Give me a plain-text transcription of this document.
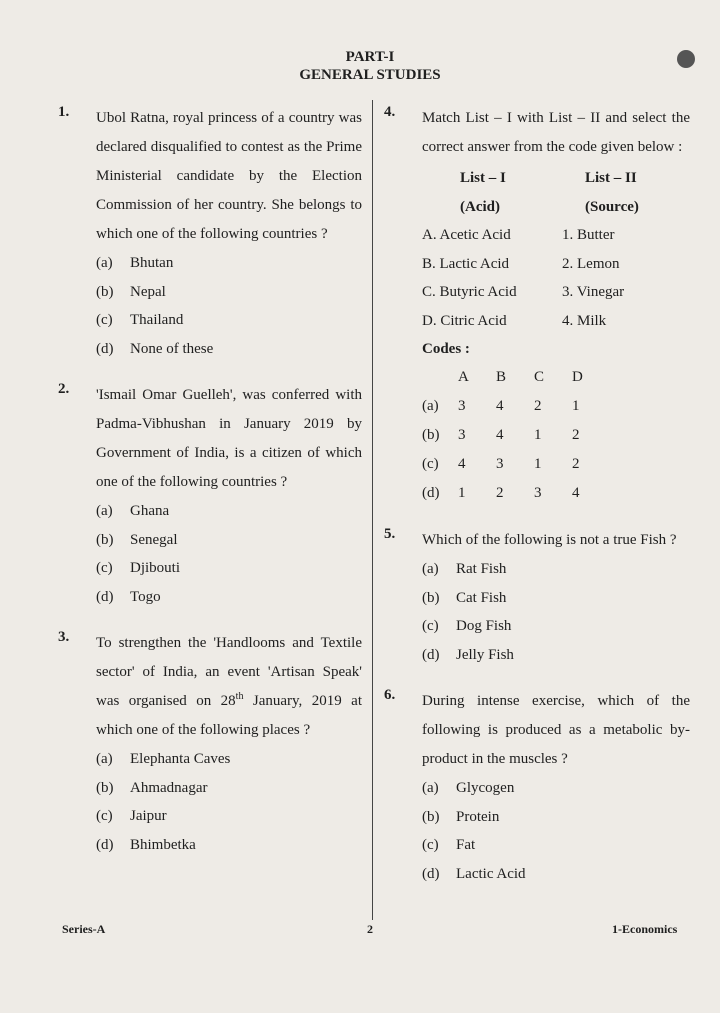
PART-I
GENERAL STUDIES
1. Ubol Ratna, royal princess of a country was declared disqualified to contest as the Prime Ministerial candidate by the Election Commission of her country. She belongs to which one of the following countries ?
(a)	Bhutan
(b)	Nepal
(c)	Thailand
(d)	None of these
2. 'Ismail Omar Guelleh', was conferred with Padma-Vibhushan in January 2019 by Government of India, is a citizen of which one of the following countries ?
(a)	Ghana
(b)	Senegal
(c)	Djibouti
(d)	Togo
3. To strengthen the 'Handlooms and Textile sector' of India, an event 'Artisan Speak' was organised on 28th January, 2019 at which one of the following places ?
(a)	Elephanta Caves
(b)	Ahmadnagar
(c)	Jaipur
(d)	Bhimbetka
4. Match List – I with List – II and select the correct answer from the code given below :
List – I	List – II
(Acid)	(Source)
A. Acetic Acid	1. Butter
B. Lactic Acid	2. Lemon
C. Butyric Acid	3. Vinegar
D. Citric Acid	4. Milk
Codes :
A	B	C	D
(a)	3	4	2	1
(b)	3	4	1	2
(c)	4	3	1	2
(d)	1	2	3	4
5. Which of the following is not a true Fish ?
(a)	Rat Fish
(b)	Cat Fish
(c)	Dog Fish
(d)	Jelly Fish
6. During intense exercise, which of the following is produced as a metabolic by-product in the muscles ?
(a)	Glycogen
(b)	Protein
(c)	Fat
(d)	Lactic Acid
Series-A	2	1-Economics
